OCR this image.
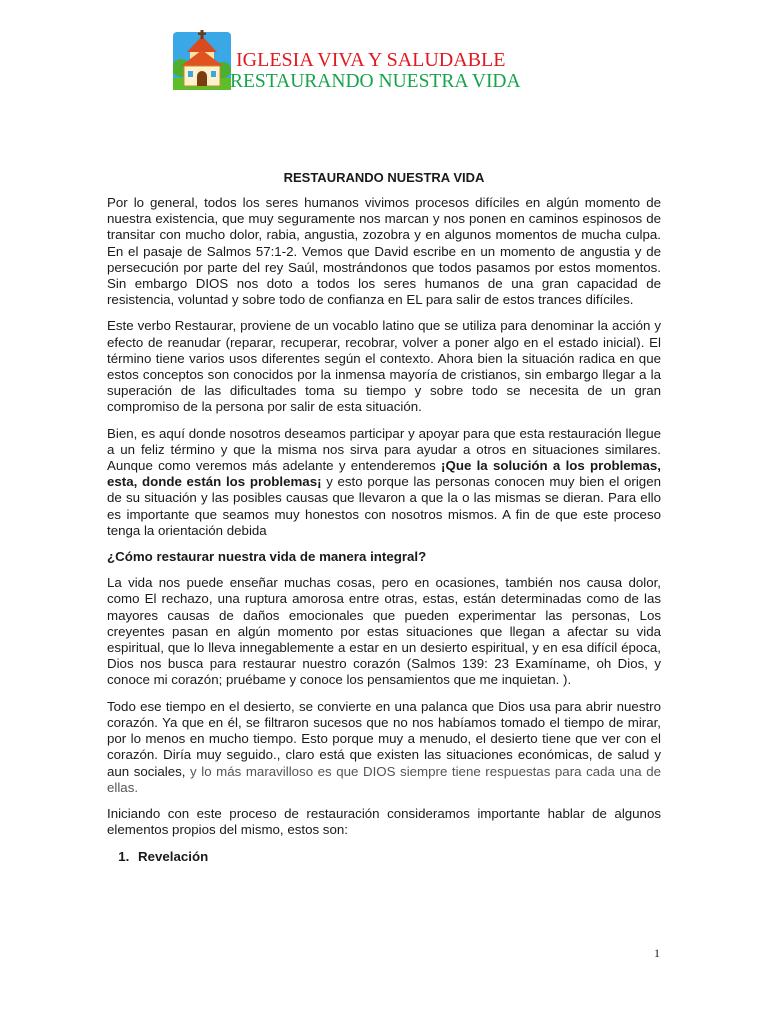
IGLESIA VIVA Y SALUDABLE
RESTAURANDO NUESTRA VIDA
RESTAURANDO NUESTRA VIDA

Por lo general, todos los seres humanos vivimos procesos difíciles en algún momento de nuestra existencia, que muy seguramente nos marcan y nos ponen en caminos espinosos de transitar con mucho dolor, rabia, angustia, zozobra y en algunos momentos de mucha culpa. En el pasaje de Salmos 57:1-2. Vemos que David escribe en un momento de angustia y de persecución por parte del rey Saúl, mostrándonos que todos pasamos por estos momentos. Sin embargo DIOS nos doto a todos los seres humanos de una gran capacidad de resistencia, voluntad y sobre todo de confianza en EL para salir de estos trances difíciles.

Este verbo Restaurar, proviene de un vocablo latino que se utiliza para denominar la acción y efecto de reanudar (reparar, recuperar, recobrar, volver a poner algo en el estado inicial). El término tiene varios usos diferentes según el contexto. Ahora bien la situación radica en que estos conceptos son conocidos por la inmensa mayoría de cristianos, sin embargo llegar a la superación de las dificultades toma su tiempo y sobre todo se necesita de un gran compromiso de la persona por salir de esta situación.

Bien, es aquí donde nosotros deseamos participar y apoyar para que esta restauración llegue a un feliz término y que la misma nos sirva para ayudar a otros en situaciones similares. Aunque como veremos más adelante y entenderemos ¡Que la solución a los problemas, esta, donde están los problemas¡ y esto porque las personas conocen muy bien el origen de su situación y las posibles causas que llevaron a que la o las mismas se dieran. Para ello es importante que seamos muy honestos con nosotros mismos. A fin de que este proceso tenga la orientación debida

¿Cómo restaurar nuestra vida de manera integral?

La vida nos puede enseñar muchas cosas, pero en ocasiones, también nos causa dolor, como El rechazo, una ruptura amorosa entre otras, estas, están determinadas como de las mayores causas de daños emocionales que pueden experimentar las personas, Los creyentes pasan en algún momento por estas situaciones que llegan a afectar su vida espiritual, que lo lleva innegablemente a estar en un desierto espiritual, y en esa difícil época, Dios nos busca para restaurar nuestro corazón (Salmos 139: 23 Examíname, oh Dios, y conoce mi corazón; pruébame y conoce los pensamientos que me inquietan. ).

Todo ese tiempo en el desierto, se convierte en una palanca que Dios usa para abrir nuestro corazón. Ya que en él, se filtraron sucesos que no nos habíamos tomado el tiempo de mirar, por lo menos en mucho tiempo. Esto porque muy a menudo, el desierto tiene que ver con el corazón. Diría muy seguido., claro está que existen las situaciones económicas, de salud y aun sociales, y lo más maravilloso es que DIOS siempre tiene respuestas para cada una de ellas.

Iniciando con este proceso de restauración consideramos importante hablar de algunos elementos propios del mismo, estos son:

1. Revelación
1
